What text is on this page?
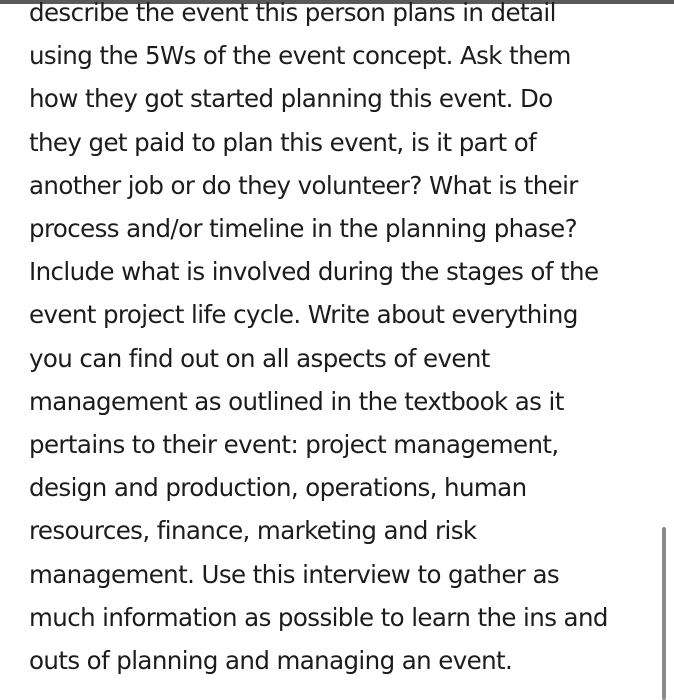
describe the event this person plans in detail
using the 5Ws of the event concept. Ask them
how they got started planning this event. Do
they get paid to plan this event, is it part of
another job or do they volunteer? What is their
process and/or timeline in the planning phase?
Include what is involved during the stages of the
event project life cycle. Write about everything
you can find out on all aspects of event
management as outlined in the textbook as it
pertains to their event: project management,
design and production, operations, human
resources, finance, marketing and risk
management. Use this interview to gather as
much information as possible to learn the ins and
outs of planning and managing an event.
